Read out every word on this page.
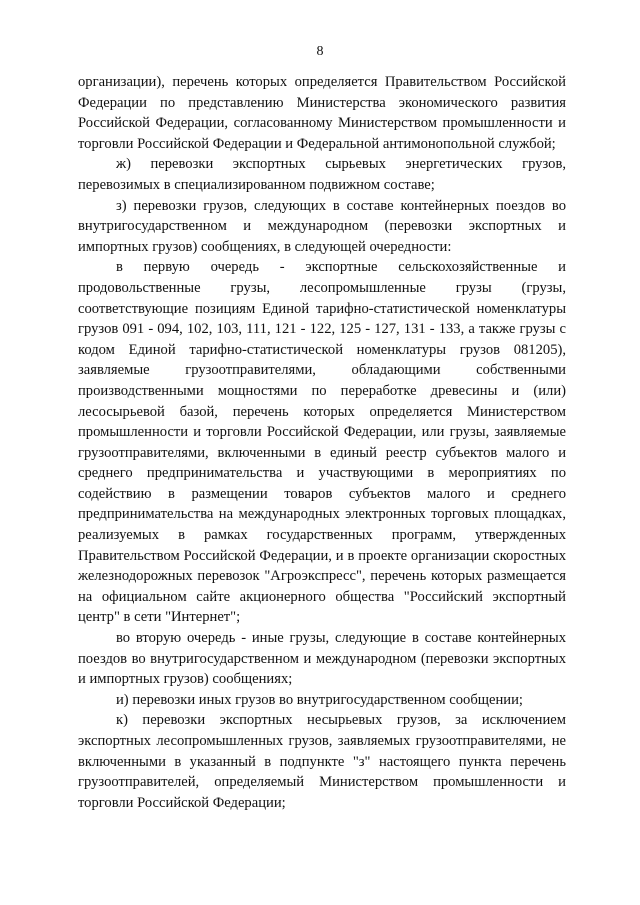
8

организации), перечень которых определяется Правительством Российской Федерации по представлению Министерства экономического развития Российской Федерации, согласованному Министерством промышленности и торговли Российской Федерации и Федеральной антимонопольной службой;

ж) перевозки экспортных сырьевых энергетических грузов, перевозимых в специализированном подвижном составе;

з) перевозки грузов, следующих в составе контейнерных поездов во внутригосударственном и международном (перевозки экспортных и импортных грузов) сообщениях, в следующей очередности:

в первую очередь - экспортные сельскохозяйственные и продовольственные грузы, лесопромышленные грузы (грузы, соответствующие позициям Единой тарифно-статистической номенклатуры грузов 091 - 094, 102, 103, 111, 121 - 122, 125 - 127, 131 - 133, а также грузы с кодом Единой тарифно-статистической номенклатуры грузов 081205), заявляемые грузоотправителями, обладающими собственными производственными мощностями по переработке древесины и (или) лесосырьевой базой, перечень которых определяется Министерством промышленности и торговли Российской Федерации, или грузы, заявляемые грузоотправителями, включенными в единый реестр субъектов малого и среднего предпринимательства и участвующими в мероприятиях по содействию в размещении товаров субъектов малого и среднего предпринимательства на международных электронных торговых площадках, реализуемых в рамках государственных программ, утвержденных Правительством Российской Федерации, и в проекте организации скоростных железнодорожных перевозок "Агроэкспресс", перечень которых размещается на официальном сайте акционерного общества "Российский экспортный центр" в сети "Интернет";

во вторую очередь - иные грузы, следующие в составе контейнерных поездов во внутригосударственном и международном (перевозки экспортных и импортных грузов) сообщениях;

и) перевозки иных грузов во внутригосударственном сообщении;

к) перевозки экспортных несырьевых грузов, за исключением экспортных лесопромышленных грузов, заявляемых грузоотправителями, не включенными в указанный в подпункте "з" настоящего пункта перечень грузоотправителей, определяемый Министерством промышленности и торговли Российской Федерации;
